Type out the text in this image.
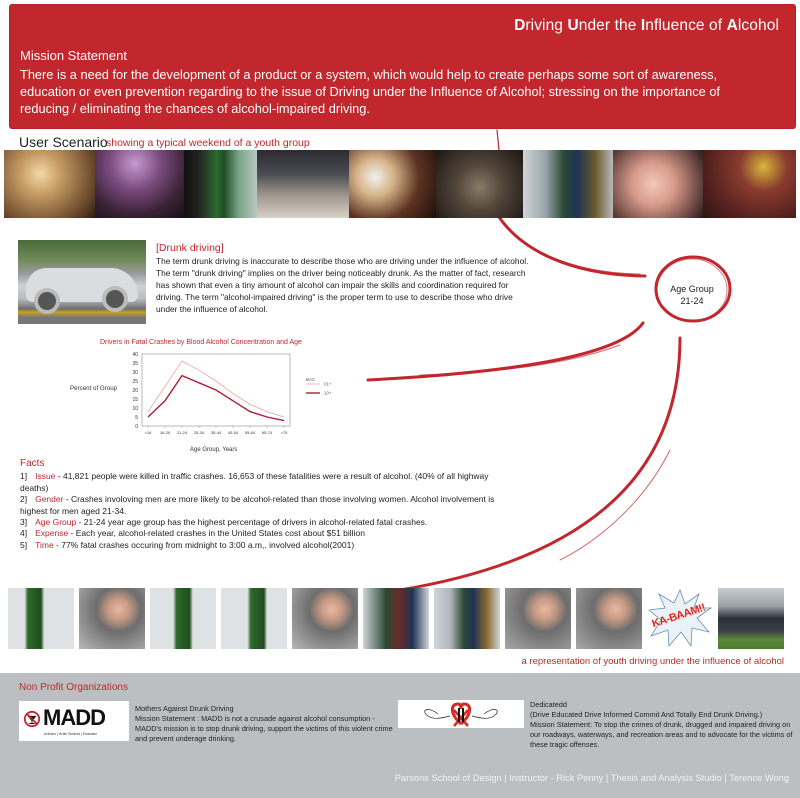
Driving Under the Influence of Alcohol
Mission Statement
There is a need for the development of a product or a system, which would help to create perhaps some sort of awareness, education or even prevention regarding to the issue of Driving under the Influence of Alcohol; stressing on the importance of reducing / eliminating the chances of alcohol-impaired driving.
User Scenario
showing a typical weekend of a youth group
[Drunk driving]
The term drunk driving is inaccurate to describe those who are driving under the influence of alcohol. The term "drunk driving" implies on the driver being noticeably drunk. As the matter of fact, research has shown that even a tiny amount of alcohol can impair the skills and coordination required for driving. The term "alcohol-impaired driving" is the proper term to use to describe those who drive under the influence of alcohol.
Age Group
21-24
Drivers in Fatal Crashes by Blood Alcohol Concentration and Age
Percent of Group
Age Group, Years
BAC
0
5
10
15
20
25
30
35
40
<16 16-20 21-24 25-34 35-44 45-54 55-64 65-74 >75
.01+
.10+
Facts
1] Issue - 41,821 people were killed in traffic crashes. 16,653 of these fatalities were a result of alcohol. (40% of all highway deaths)
2] Gender - Crashes involoving men are more likely to be alcohol-related than those involving women. Alcohol involvement is highest for men aged 21-34.
3] Age Group - 21-24 year age group has the highest percentage of drivers in alcohol-related fatal crashes.
4] Expense - Each year, alcohol-related crashes in the United States cost about $51 billion
5] Time - 77% fatal crashes occuring from midnight to 3:00 a.m,. involved alcohol(2001)
KA-BAAM!!
a representation of youth driving under the influence of alcohol
Non Profit Organizations
MADD
Activism | Victim Services | Education
Mothers Against Drunk Driving
Mission Statement : MADD is not a crusade against alcohol consumption - MADD's mission is to stop drunk driving, support the victims of this violent crime and prevent underage drinking.
Dedicatedd
(Drive Educated Drive Informed Commit And Totally End Drunk Driving.)
Mission Statement: To stop the crimes of drunk, drugged and impaired driving on our roadways, waterways, and recreation areas and to advocate for the victims of these tragic offenses.
Parsons School of Design | Instructor - Rick Penny | Thesis and Analysis Studio | Terence Wong
